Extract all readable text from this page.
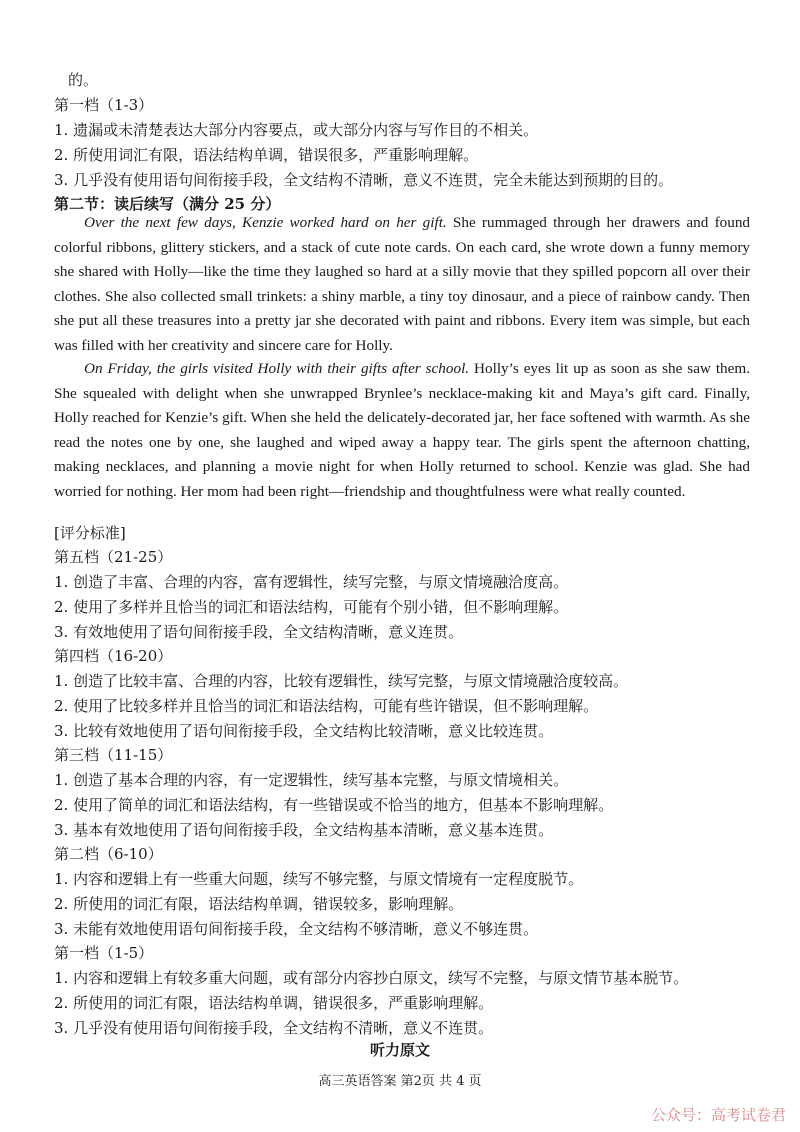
的。
第一档（1-3）
1. 遗漏或未清楚表达大部分内容要点，或大部分内容与写作目的不相关。
2. 所使用词汇有限，语法结构单调，错误很多，严重影响理解。
3. 几乎没有使用语句间衔接手段，全文结构不清晰，意义不连贯，完全未能达到预期的目的。
第二节：读后续写（满分 25 分）

Over the next few days, Kenzie worked hard on her gift. She rummaged through her drawers and found colorful ribbons, glittery stickers, and a stack of cute note cards. On each card, she wrote down a funny memory she shared with Holly—like the time they laughed so hard at a silly movie that they spilled popcorn all over their clothes. She also collected small trinkets: a shiny marble, a tiny toy dinosaur, and a piece of rainbow candy. Then she put all these treasures into a pretty jar she decorated with paint and ribbons. Every item was simple, but each was filled with her creativity and sincere care for Holly.

On Friday, the girls visited Holly with their gifts after school. Holly’s eyes lit up as soon as she saw them. She squealed with delight when she unwrapped Brynlee’s necklace-making kit and Maya’s gift card. Finally, Holly reached for Kenzie’s gift. When she held the delicately-decorated jar, her face softened with warmth. As she read the notes one by one, she laughed and wiped away a happy tear. The girls spent the afternoon chatting, making necklaces, and planning a movie night for when Holly returned to school. Kenzie was glad. She had worried for nothing. Her mom had been right—friendship and thoughtfulness were what really counted.

[评分标准]
第五档（21-25）
1. 创造了丰富、合理的内容，富有逻辑性，续写完整，与原文情境融洽度高。
2. 使用了多样并且恰当的词汇和语法结构，可能有个别小错，但不影响理解。
3. 有效地使用了语句间衔接手段，全文结构清晰，意义连贯。
第四档（16-20）
1. 创造了比较丰富、合理的内容，比较有逻辑性，续写完整，与原文情境融洽度较高。
2. 使用了比较多样并且恰当的词汇和语法结构，可能有些许错误，但不影响理解。
3. 比较有效地使用了语句间衔接手段，全文结构比较清晰，意义比较连贯。
第三档（11-15）
1. 创造了基本合理的内容，有一定逻辑性，续写基本完整，与原文情境相关。
2. 使用了简单的词汇和语法结构，有一些错误或不恰当的地方，但基本不影响理解。
3. 基本有效地使用了语句间衔接手段，全文结构基本清晰，意义基本连贯。
第二档（6-10）
1. 内容和逻辑上有一些重大问题，续写不够完整，与原文情境有一定程度脱节。
2. 所使用的词汇有限，语法结构单调，错误较多，影响理解。
3. 未能有效地使用语句间衔接手段，全文结构不够清晰，意义不够连贯。
第一档（1-5）
1. 内容和逻辑上有较多重大问题，或有部分内容抄白原文，续写不完整，与原文情节基本脱节。
2. 所使用的词汇有限，语法结构单调，错误很多，严重影响理解。
3. 几乎没有使用语句间衔接手段，全文结构不清晰，意义不连贯。
听力原文
高三英语答案 第2页 共 4 页
公众号：高考试卷君
